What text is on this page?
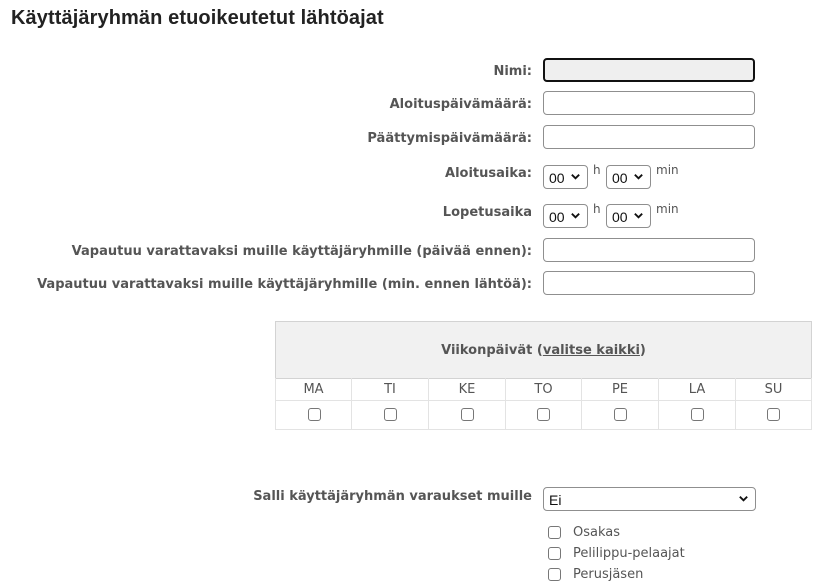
Käyttäjäryhmän etuoikeutetut lähtöajat
Nimi:
Aloituspäivämäärä:
Päättymispäivämäärä:
Aloitusaika: 00 h 00 min
Lopetusaika 00 h 00 min
Vapautuu varattavaksi muille käyttäjäryhmille (päivää ennen):
Vapautuu varattavaksi muille käyttäjäryhmille (min. ennen lähtöä):
Viikonpäivät (valitse kaikki)
MA	TI	KE	TO	PE	LA	SU
Salli käyttäjäryhmän varaukset muille Ei
Osakas
Pelilippu-pelaajat
Perusjäsen
